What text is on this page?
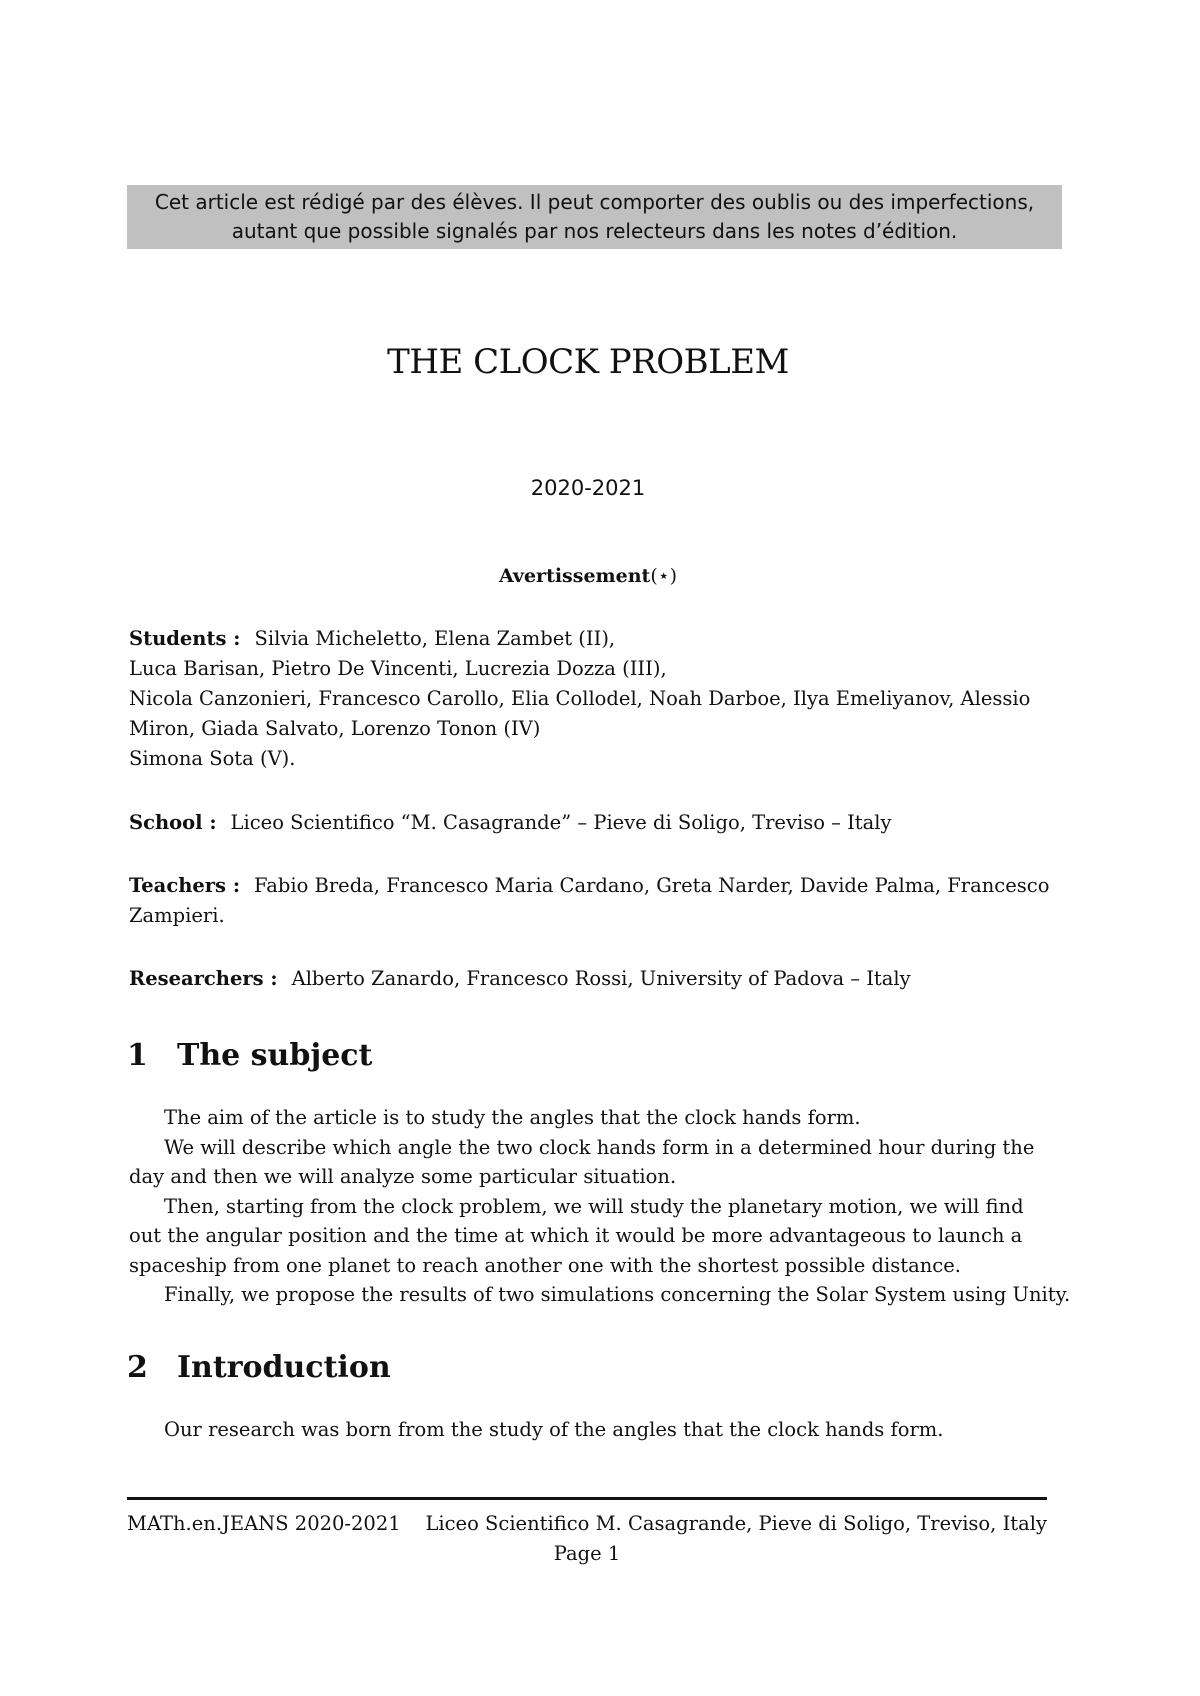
Cet article est rédigé par des élèves. Il peut comporter des oublis ou des imperfections,
autant que possible signalés par nos relecteurs dans les notes d’édition.
THE CLOCK PROBLEM
2020-2021
Avertissement(⋆)
Students : Silvia Micheletto, Elena Zambet (II),
Luca Barisan, Pietro De Vincenti, Lucrezia Dozza (III),
Nicola Canzonieri, Francesco Carollo, Elia Collodel, Noah Darboe, Ilya Emeliyanov, Alessio
Miron, Giada Salvato, Lorenzo Tonon (IV)
Simona Sota (V).
School : Liceo Scientifico “M. Casagrande” – Pieve di Soligo, Treviso – Italy
Teachers : Fabio Breda, Francesco Maria Cardano, Greta Narder, Davide Palma, Francesco
Zampieri.
Researchers : Alberto Zanardo, Francesco Rossi, University of Padova – Italy
1 The subject
The aim of the article is to study the angles that the clock hands form.
We will describe which angle the two clock hands form in a determined hour during the
day and then we will analyze some particular situation.
Then, starting from the clock problem, we will study the planetary motion, we will find
out the angular position and the time at which it would be more advantageous to launch a
spaceship from one planet to reach another one with the shortest possible distance.
Finally, we propose the results of two simulations concerning the Solar System using Unity.
2 Introduction
Our research was born from the study of the angles that the clock hands form.
MATh.en.JEANS 2020-2021 Liceo Scientifico M. Casagrande, Pieve di Soligo, Treviso, Italy
Page 1
